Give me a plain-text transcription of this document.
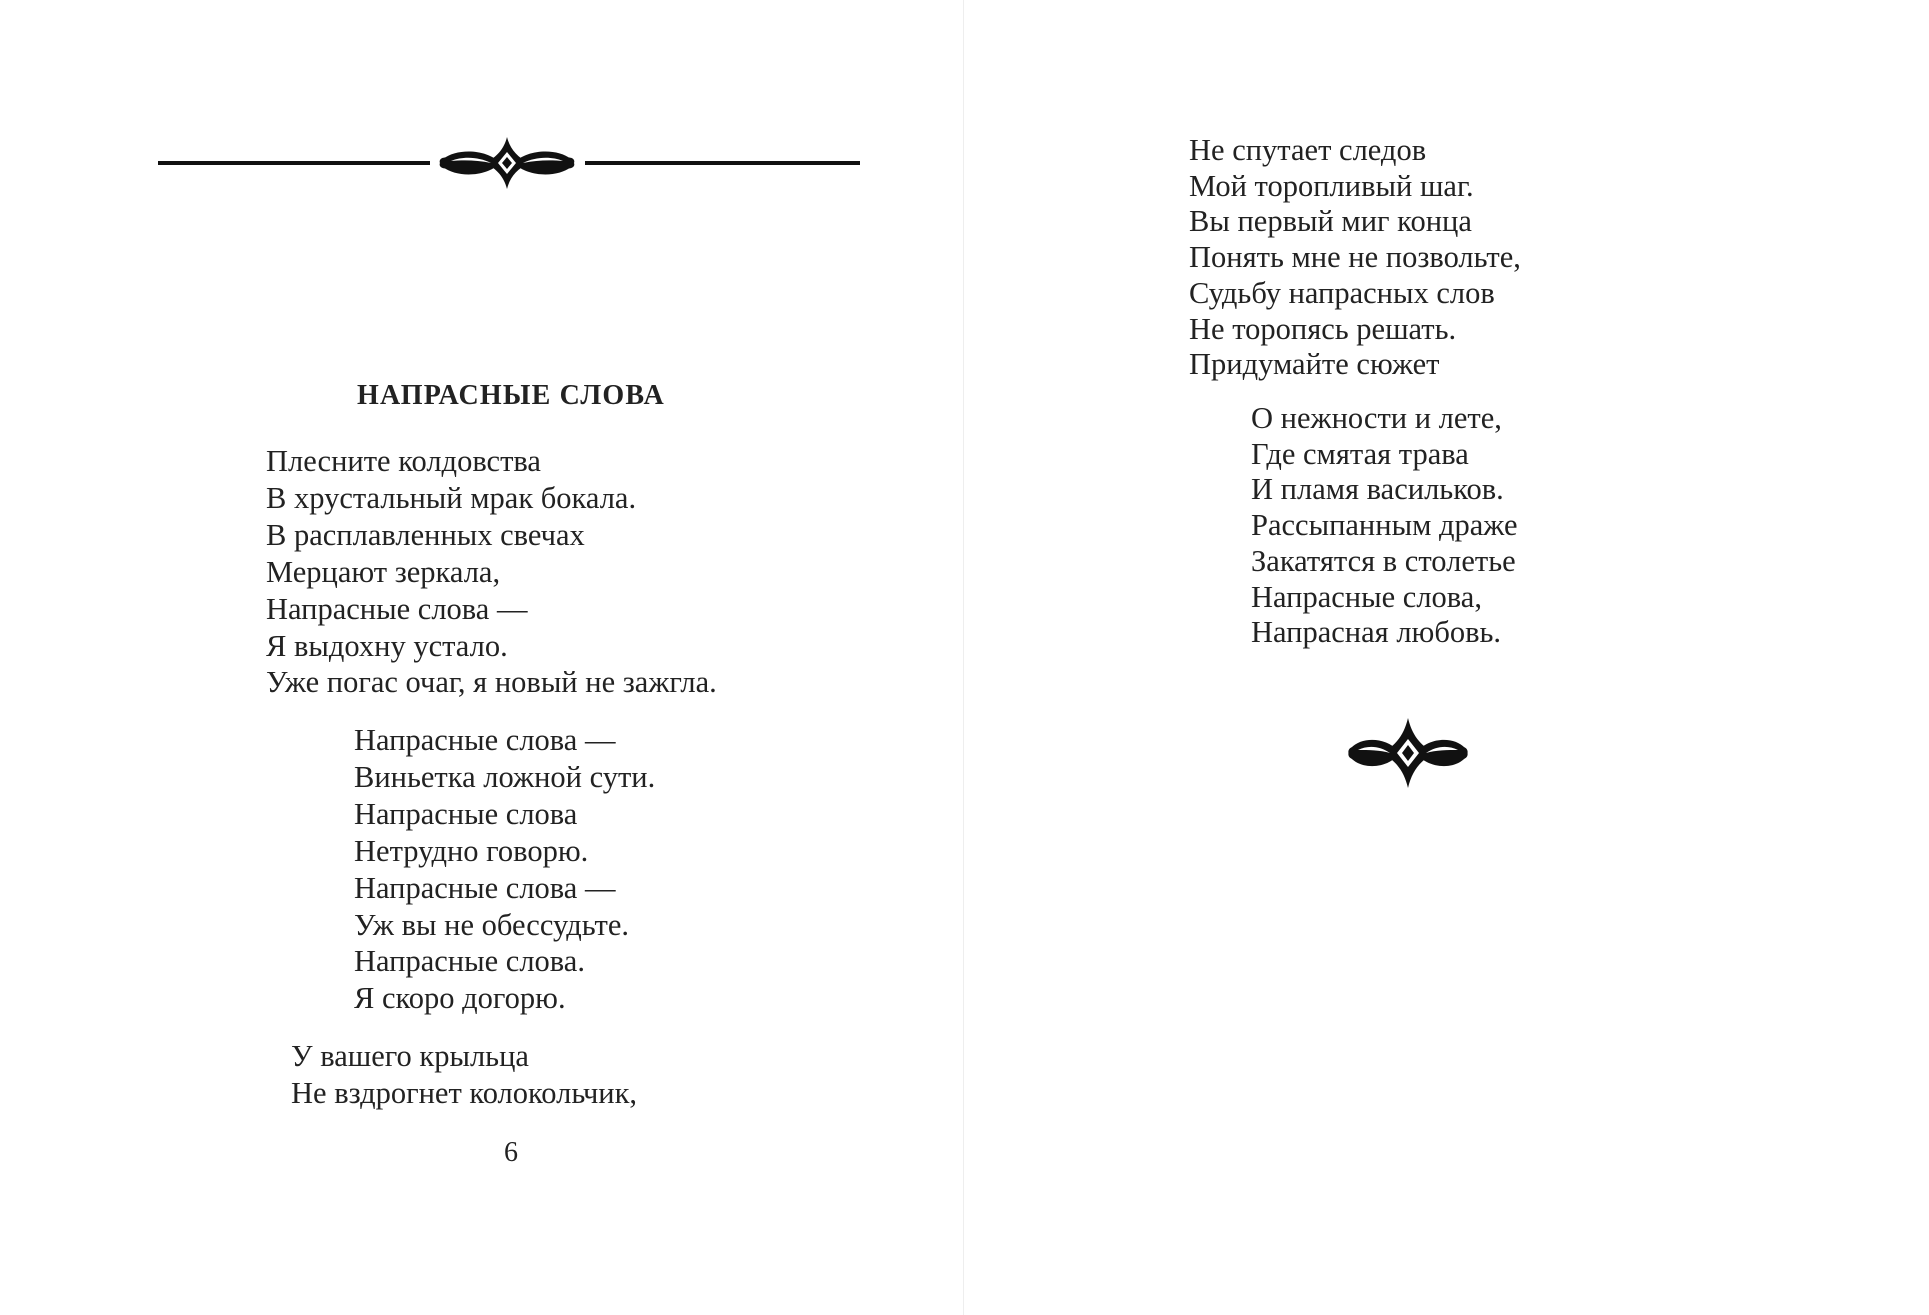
НАПРАСНЫЕ СЛОВА

Плесните колдовства
В хрустальный мрак бокала.
В расплавленных свечах
Мерцают зеркала,
Напрасные слова —
Я выдохну устало.
Уже погас очаг, я новый не зажгла.

Напрасные слова —
Виньетка ложной сути.
Напрасные слова
Нетрудно говорю.
Напрасные слова —
Уж вы не обессудьте.
Напрасные слова.
Я скоро догорю.

У вашего крыльца
Не вздрогнет колокольчик,

6

Не спутает следов
Мой торопливый шаг.
Вы первый миг конца
Понять мне не позвольте,
Судьбу напрасных слов
Не торопясь решать.
Придумайте сюжет

О нежности и лете,
Где смятая трава
И пламя васильков.
Рассыпанным драже
Закатятся в столетье
Напрасные слова,
Напрасная любовь.
